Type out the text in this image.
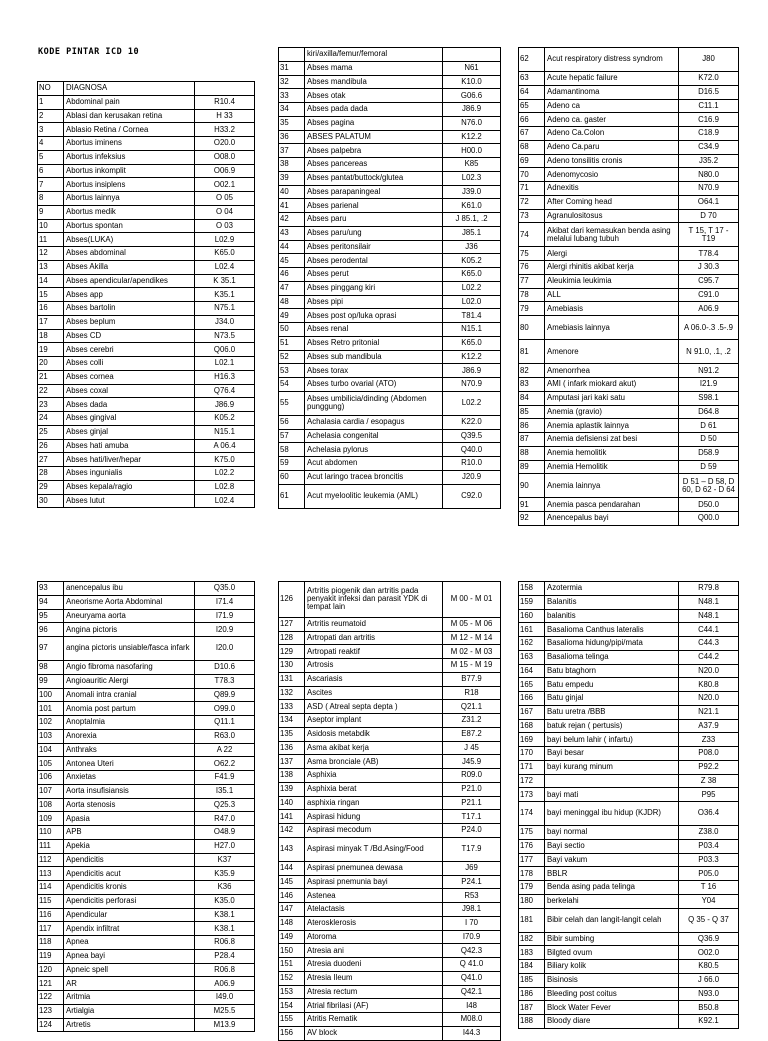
KODE PINTAR ICD 10
NO	DIAGNOSA	
1	Abdominal pain	R10.4
2	Ablasi dan kerusakan retina	H 33
3	Ablasio Retina / Cornea	H33.2
4	Abortus iminens	O20.0
5	Abortus infeksius	O08.0
6	Abortus inkomplit	O06.9
7	Abortus insiplens	O02.1
8	Abortus lainnya	O 05
9	Abortus medik	O 04
10	Abortus spontan	O 03
11	Abses(LUKA)	L02.9
12	Abses abdominal	K65.0
13	Abses Akilla	L02.4
14	Abses apendicular/apendikes	K 35.1
15	Abses app	K35.1
16	Abses bartolin	N75.1
17	Abses beplum	J34.0
18	Abses CD	N73.5
19	Abses cerebri	Q06.0
20	Abses colli	L02.1
21	Abses cornea	H16.3
22	Abses coxal	Q76.4
23	Abses dada	J86.9
24	Abses gingival	K05.2
25	Abses ginjal	N15.1
26	Abses hati amuba	A 06.4
27	Abses hati/liver/hepar	K75.0
28	Abses ingunialis	L02.2
29	Abses kepala/ragio	L02.8
30	Abses lutut	L02.4
	kiri/axilla/femur/femoral	
31	Abses mama	N61
32	Abses mandibula	K10.0
33	Abses otak	G06.6
34	Abses pada dada	J86.9
35	Abses pagina	N76.0
36	ABSES PALATUM	K12.2
37	Abses palpebra	H00.0
38	Abses pancereas	K85
39	Abses pantat/buttock/glutea	L02.3
40	Abses parapaningeal	J39.0
41	Abses parienal	K61.0
42	Abses paru	J 85.1, .2
43	Abses paru/ung	J85.1
44	Abses peritonsilair	J36
45	Abses perodental	K05.2
46	Abses perut	K65.0
47	Abses pinggang kiri	L02.2
48	Abses pipi	L02.0
49	Abses post op/luka oprasi	T81.4
50	Abses renal	N15.1
51	Abses Retro pritonial	K65.0
52	Abses sub mandibula	K12.2
53	Abses torax	J86.9
54	Abses turbo ovarial (ATO)	N70.9
55	Abses umbilicia/dinding (Abdomen punggung)	L02.2
56	Achalasia cardia / esopagus	K22.0
57	Achelasia congenital	Q39.5
58	Achelasia pylorus	Q40.0
59	Acut abdomen	R10.0
60	Acut laringo tracea broncitis	J20.9
61	Acut myeloolitic leukemia (AML)	C92.0
62	Acut respiratory distress syndrom	J80
63	Acute hepatic failure	K72.0
64	Adamantinoma	D16.5
65	Adeno ca	C11.1
66	Adeno ca. gaster	C16.9
67	Adeno Ca.Colon	C18.9
68	Adeno Ca.paru	C34.9
69	Adeno tonsilitis cronis	J35.2
70	Adenomycosio	N80.0
71	Adnexitis	N70.9
72	After Coming head	O64.1
73	Agranulositosus	D 70
74	Akibat dari kemasukan benda asing melalui lubang tubuh	T 15, T 17 - T19
75	Alergi	T78.4
76	Alergi rhinitis akibat kerja	J 30.3
77	Aleukimia leukimia	C95.7
78	ALL	C91.0
79	Amebiasis	A06.9
80	Amebiasis lainnya	A 06.0-.3 .5-.9
81	Amenore	N 91.0, .1, .2
82	Amenorrhea	N91.2
83	AMI ( infark miokard akut)	I21.9
84	Amputasi jari kaki satu	S98.1
85	Anemia (gravio)	D64.8
86	Anemia aplastik lainnya	D 61
87	Anemia defisiensi zat besi	D 50
88	Anemia hemolitik	D58.9
89	Anemia Hemolitik	D 59
90	Anemia lainnya	D 51 – D 58, D 60, D 62 - D 64
91	Anemia pasca pendarahan	D50.0
92	Anencepalus bayi	Q00.0
93	anencepalus ibu	Q35.0
94	Aneorisme Aorta Abdominal	I71.4
95	Aneuryama aorta	I71.9
96	Angina pictoris	I20.9
97	angina pictoris unsiable/fasca infark	I20.0
98	Angio fibroma nasofaring	D10.6
99	Angioauritic Alergi	T78.3
100	Anomali intra cranial	Q89.9
101	Anomia post partum	O99.0
102	Anoptalmia	Q11.1
103	Anorexia	R63.0
104	Anthraks	A 22
105	Antonea Uteri	O62.2
106	Anxietas	F41.9
107	Aorta insufisiansis	I35.1
108	Aorta stenosis	Q25.3
109	Apasia	R47.0
110	APB	O48.9
111	Apekia	H27.0
112	Apendicitis	K37
113	Apendicitis acut	K35.9
114	Apendicitis kronis	K36
115	Apendicitis perforasi	K35.0
116	Apendicular	K38.1
117	Apendix infiltrat	K38.1
118	Apnea	R06.8
119	Apnea bayi	P28.4
120	Apneic spell	R06.8
121	AR	A06.9
122	Aritmia	I49.0
123	Artialgia	M25.5
124	Artretis	M13.9
126	Artritis piogenik dan artritis pada penyakit infeksi dan parasit YDK di tempat lain	M 00 - M 01
127	Artritis reumatoid	M 05 - M 06
128	Artropati dan artritis	M 12 - M 14
129	Artropati reaktif	M 02 - M 03
130	Artrosis	M 15 - M 19
131	Ascariasis	B77.9
132	Ascites	R18
133	ASD ( Atreal septa depta )	Q21.1
134	Aseptor implant	Z31.2
135	Asidosis metabdik	E87.2
136	Asma akibat kerja	J 45
137	Asma bronciale (AB)	J45.9
138	Asphixia	R09.0
139	Asphixia berat	P21.0
140	asphixia ringan	P21.1
141	Aspirasi hidung	T17.1
142	Aspirasi mecodum	P24.0
143	Aspirasi minyak T /Bd.Asing/Food	T17.9
144	Aspirasi pnemunea dewasa	J69
145	Aspirasi pnemunia bayi	P24.1
146	Astenea	R53
147	Atelactasis	J98.1
148	Aterosklerosis	I 70
149	Atoroma	I70.9
150	Atresia ani	Q42.3
151	Atresia duodeni	Q 41.0
152	Atresia Ileum	Q41.0
153	Atresia rectum	Q42.1
154	Atrial fibrilasi (AF)	I48
155	Atritis Rematik	M08.0
156	AV block	I44.3
158	Azotermia	R79.8
159	Balanitis	N48.1
160	balanitis	N48.1
161	Basalioma Canthus lateralis	C44.1
162	Basalioma hidung/pipi/mata	C44.3
163	Basalioma telinga	C44.2
164	Batu btaghorn	N20.0
165	Batu empedu	K80.8
166	Batu ginjal	N20.0
167	Batu uretra /BBB	N21.1
168	batuk rejan ( pertusis)	A37.9
169	bayi belum lahir ( infartu)	Z33
170	Bayi besar	P08.0
171	bayi kurang minum	P92.2
172		Z 38
173	bayi mati	P95
174	bayi meninggal ibu hidup (KJDR)	O36.4
175	bayi normal	Z38.0
176	Bayi sectio	P03.4
177	Bayi vakum	P03.3
178	BBLR	P05.0
179	Benda asing pada telinga	T 16
180	berkelahi	Y04
181	Bibir celah dan langit-langit celah	Q 35 - Q 37
182	Bibir sumbing	Q36.9
183	Bilgted ovum	O02.0
184	Biliary kolik	K80.5
185	Bisinosis	J 66.0
186	Bleeding post coitus	N93.0
187	Block Water Fever	B50.8
188	Bloody diare	K92.1
